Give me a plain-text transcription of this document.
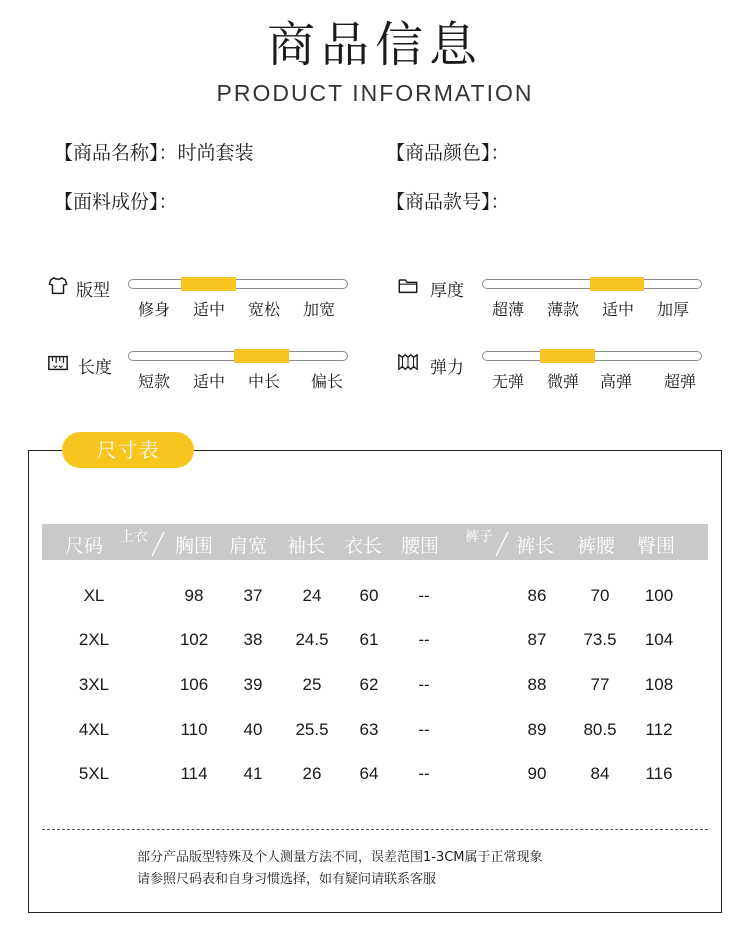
商品信息
PRODUCT INFORMATION
【商品名称】：时尚套装	【商品颜色】：
【面料成份】：	【商品款号】：
版型
修身	适中	宽松	加宽
厚度
超薄	薄款	适中	加厚
长度
短款	适中	中长	偏长
弹力
无弹	微弹	高弹	超弹
尺寸表
尺码	上衣	胸围 肩宽	袖长 衣长 腰围	裤子	裤长	裤腰	臀围
XL	98	37	24	60	--	86	70	100
2XL	102	38	24.5	61	--	87	73.5	104
3XL	106	39	25	62	--	88	77	108
4XL	110	40	25.5	63	--	89	80.5	112
5XL	114	41	26	64	--	90	84	116
部分产品版型特殊及个人测量方法不同，误差范围1-3CM属于正常现象
请参照尺码表和自身习惯选择，如有疑问请联系客服
